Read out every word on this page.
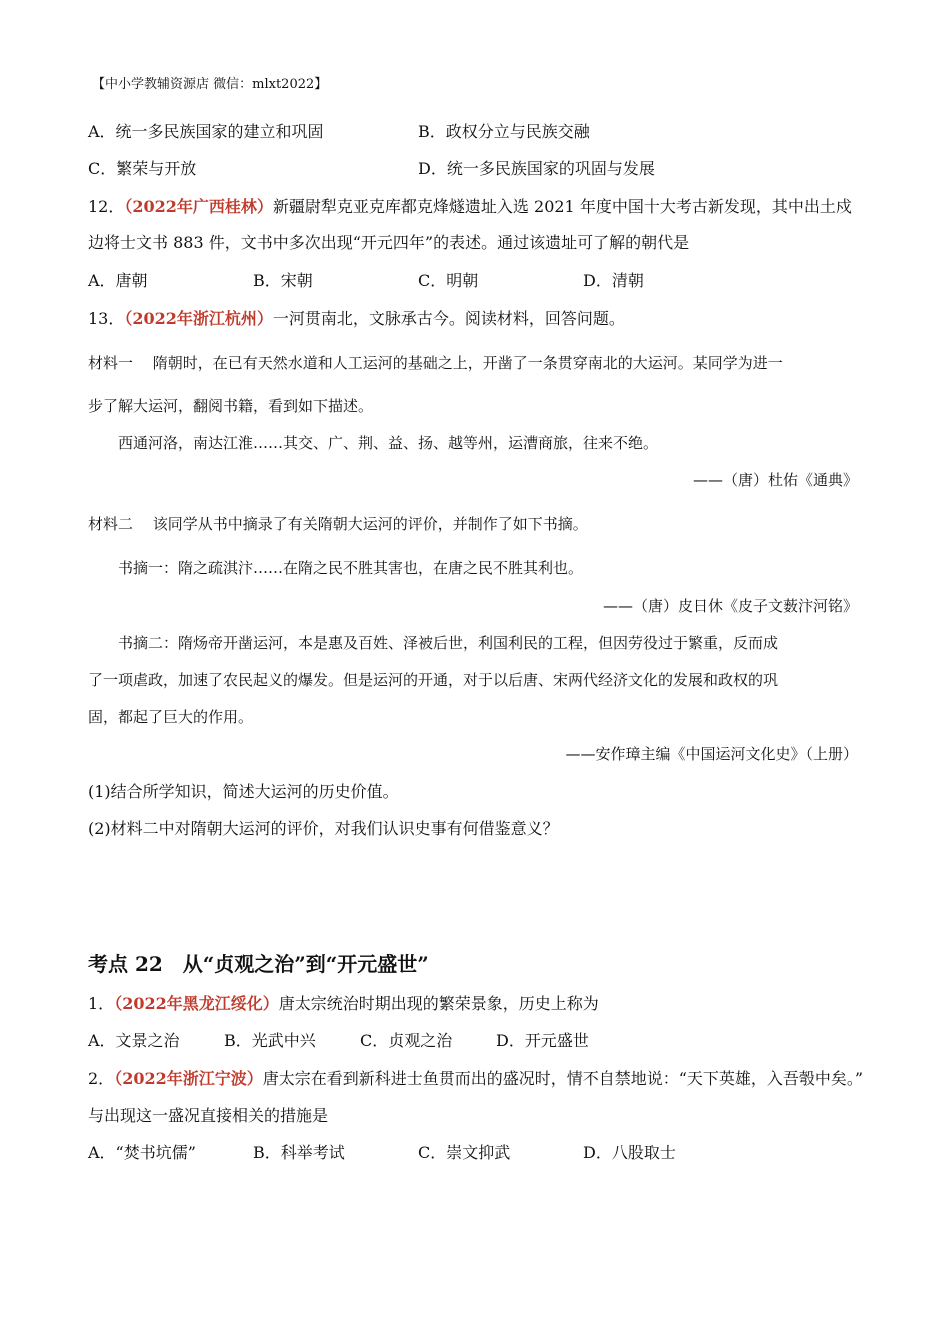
【中小学教辅资源店 微信：mlxt2022】
A．统一多民族国家的建立和巩固	B．政权分立与民族交融
C．繁荣与开放	D．统一多民族国家的巩固与发展
12．（2022年广西桂林）新疆尉犁克亚克库都克烽燧遗址入选 2021 年度中国十大考古新发现，其中出土戍
边将士文书 883 件，文书中多次出现“开元四年”的表述。通过该遗址可了解的朝代是
A．唐朝	B．宋朝	C．明朝	D．清朝
13．（2022年浙江杭州）一河贯南北，文脉承古今。阅读材料，回答问题。
材料一　 隋朝时，在已有天然水道和人工运河的基础之上，开凿了一条贯穿南北的大运河。某同学为进一
步了解大运河，翻阅书籍，看到如下描述。
西通河洛，南达江淮……其交、广、荆、益、扬、越等州，运漕商旅，往来不绝。
——（唐）杜佑《通典》
材料二　 该同学从书中摘录了有关隋朝大运河的评价，并制作了如下书摘。
书摘一：隋之疏淇汴……在隋之民不胜其害也，在唐之民不胜其利也。
——（唐）皮日休《皮子文薮汴河铭》
书摘二：隋炀帝开凿运河，本是惠及百姓、泽被后世，利国利民的工程，但因劳役过于繁重，反而成
了一项虐政，加速了农民起义的爆发。但是运河的开通，对于以后唐、宋两代经济文化的发展和政权的巩
固，都起了巨大的作用。
——安作璋主编《中国运河文化史》（上册）
(1)结合所学知识，简述大运河的历史价值。
(2)材料二中对隋朝大运河的评价，对我们认识史事有何借鉴意义？
考点 22　从“贞观之治”到“开元盛世”
1．（2022年黑龙江绥化）唐太宗统治时期出现的繁荣景象，历史上称为
A．文景之治	B．光武中兴	C．贞观之治	D．开元盛世
2．（2022年浙江宁波）唐太宗在看到新科进士鱼贯而出的盛况时，情不自禁地说：“天下英雄，入吾彀中矣。”
与出现这一盛况直接相关的措施是
A．“焚书坑儒”	B．科举考试	C．崇文抑武	D．八股取士
